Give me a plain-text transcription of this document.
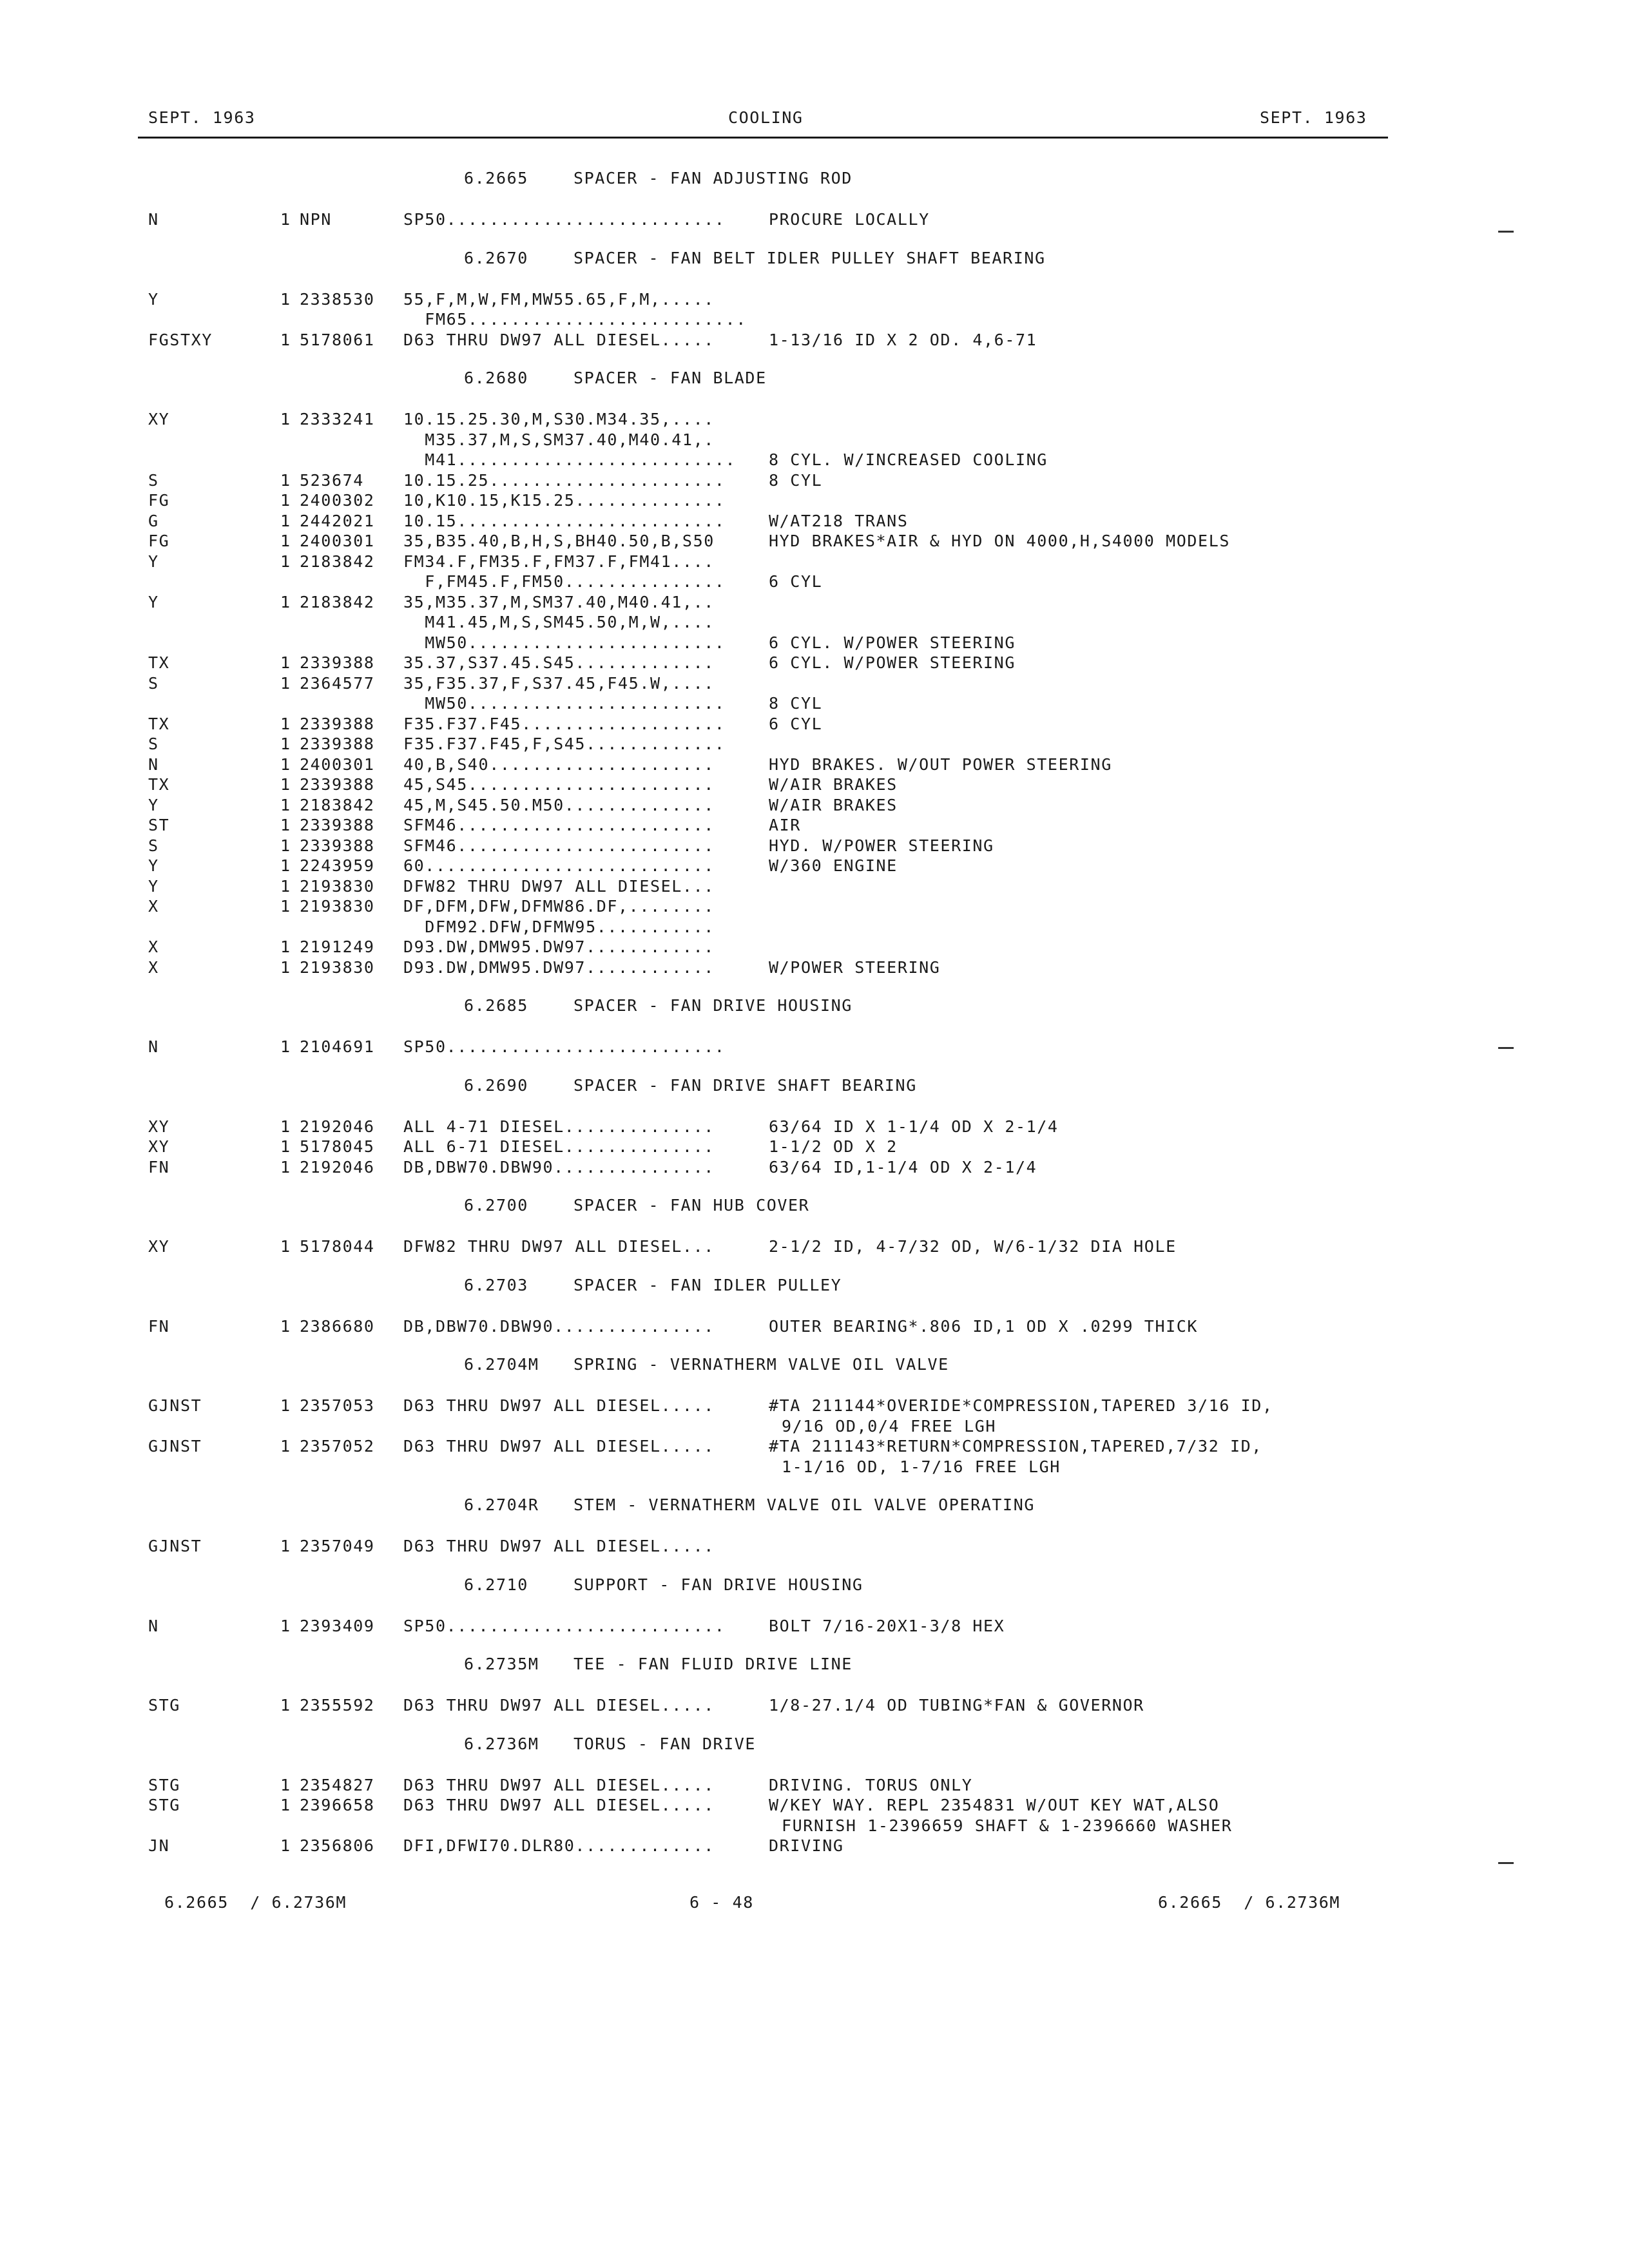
SEPT. 1963	COOLING	SEPT. 1963
6.2665	SPACER - FAN ADJUSTING ROD
N	1 NPN	SP50..........................	PROCURE LOCALLY
6.2670	SPACER - FAN BELT IDLER PULLEY SHAFT BEARING
Y	1 2338530 55,F,M,W,FM,MW55.65,F,M,.....
FM65..........................
FGSTXY	1 5178061 D63 THRU DW97 ALL DIESEL.....	1-13/16 ID X 2 OD. 4,6-71
6.2680	SPACER - FAN BLADE
XY	1 2333241 10.15.25.30,M,S30.M34.35,....
M35.37,M,S,SM37.40,M40.41,.
M41.......................... 8 CYL. W/INCREASED COOLING
S	1 523674 10.15.25......................	8 CYL
FG	1 2400302 10,K10.15,K15.25..............
G	1 2442021 10.15.........................	W/AT218 TRANS
FG	1 2400301 35,B35.40,B,H,S,BH40.50,B,S50	HYD BRAKES*AIR & HYD ON 4000,H,S4000 MODELS
Y	1 2183842 FM34.F,FM35.F,FM37.F,FM41....
F,FM45.F,FM50...............	6 CYL
Y	1 2183842 35,M35.37,M,SM37.40,M40.41,..
M41.45,M,S,SM45.50,M,W,....
MW50........................	6 CYL. W/POWER STEERING
TX	1 2339388 35.37,S37.45.S45.............	6 CYL. W/POWER STEERING
S	1 2364577 35,F35.37,F,S37.45,F45.W,....
MW50........................	8 CYL
TX	1 2339388 F35.F37.F45...................	6 CYL
S	1 2339388 F35.F37.F45,F,S45.............
N	1 2400301 40,B,S40.....................	HYD BRAKES. W/OUT POWER STEERING
TX	1 2339388 45,S45.......................	W/AIR BRAKES
Y	1 2183842 45,M,S45.50.M50..............	W/AIR BRAKES
ST	1 2339388 SFM46........................	AIR
S	1 2339388 SFM46........................	HYD. W/POWER STEERING
Y	1 2243959 60...........................	W/360 ENGINE
Y	1 2193830 DFW82 THRU DW97 ALL DIESEL...
X	1 2193830 DF,DFM,DFW,DFMW86.DF,........
DFM92.DFW,DFMW95...........
X	1 2191249 D93.DW,DMW95.DW97............
X	1 2193830 D93.DW,DMW95.DW97............	W/POWER STEERING
6.2685	SPACER - FAN DRIVE HOUSING
N	1 2104691 SP50..........................
6.2690	SPACER - FAN DRIVE SHAFT BEARING
XY	1 2192046 ALL 4-71 DIESEL..............	63/64 ID X 1-1/4 OD X 2-1/4
XY	1 5178045 ALL 6-71 DIESEL..............	1-1/2 OD X 2
FN	1 2192046 DB,DBW70.DBW90...............	63/64 ID,1-1/4 OD X 2-1/4
6.2700	SPACER - FAN HUB COVER
XY	1 5178044 DFW82 THRU DW97 ALL DIESEL...	2-1/2 ID, 4-7/32 OD, W/6-1/32 DIA HOLE
6.2703	SPACER - FAN IDLER PULLEY
FN	1 2386680 DB,DBW70.DBW90...............	OUTER BEARING*.806 ID,1 OD X .0299 THICK
6.2704M SPRING - VERNATHERM VALVE OIL VALVE
GJNST	1 2357053 D63 THRU DW97 ALL DIESEL.....	#TA 211144*OVERIDE*COMPRESSION,TAPERED 3/16 ID,
9/16 OD,0/4 FREE LGH
GJNST	1 2357052 D63 THRU DW97 ALL DIESEL.....	#TA 211143*RETURN*COMPRESSION,TAPERED,7/32 ID,
1-1/16 OD, 1-7/16 FREE LGH
6.2704R STEM - VERNATHERM VALVE OIL VALVE OPERATING
GJNST	1 2357049 D63 THRU DW97 ALL DIESEL.....
6.2710	SUPPORT - FAN DRIVE HOUSING
N	1 2393409 SP50..........................	BOLT 7/16-20X1-3/8 HEX
6.2735M TEE - FAN FLUID DRIVE LINE
STG	1 2355592 D63 THRU DW97 ALL DIESEL.....	1/8-27.1/4 OD TUBING*FAN & GOVERNOR
6.2736M TORUS - FAN DRIVE
STG	1 2354827 D63 THRU DW97 ALL DIESEL.....	DRIVING. TORUS ONLY
STG	1 2396658 D63 THRU DW97 ALL DIESEL.....	W/KEY WAY. REPL 2354831 W/OUT KEY WAT,ALSO
FURNISH 1-2396659 SHAFT & 1-2396660 WASHER
JN	1 2356806 DFI,DFWI70.DLR80.............	DRIVING
6.2665  / 6.2736M	6 - 48	6.2665  / 6.2736M
